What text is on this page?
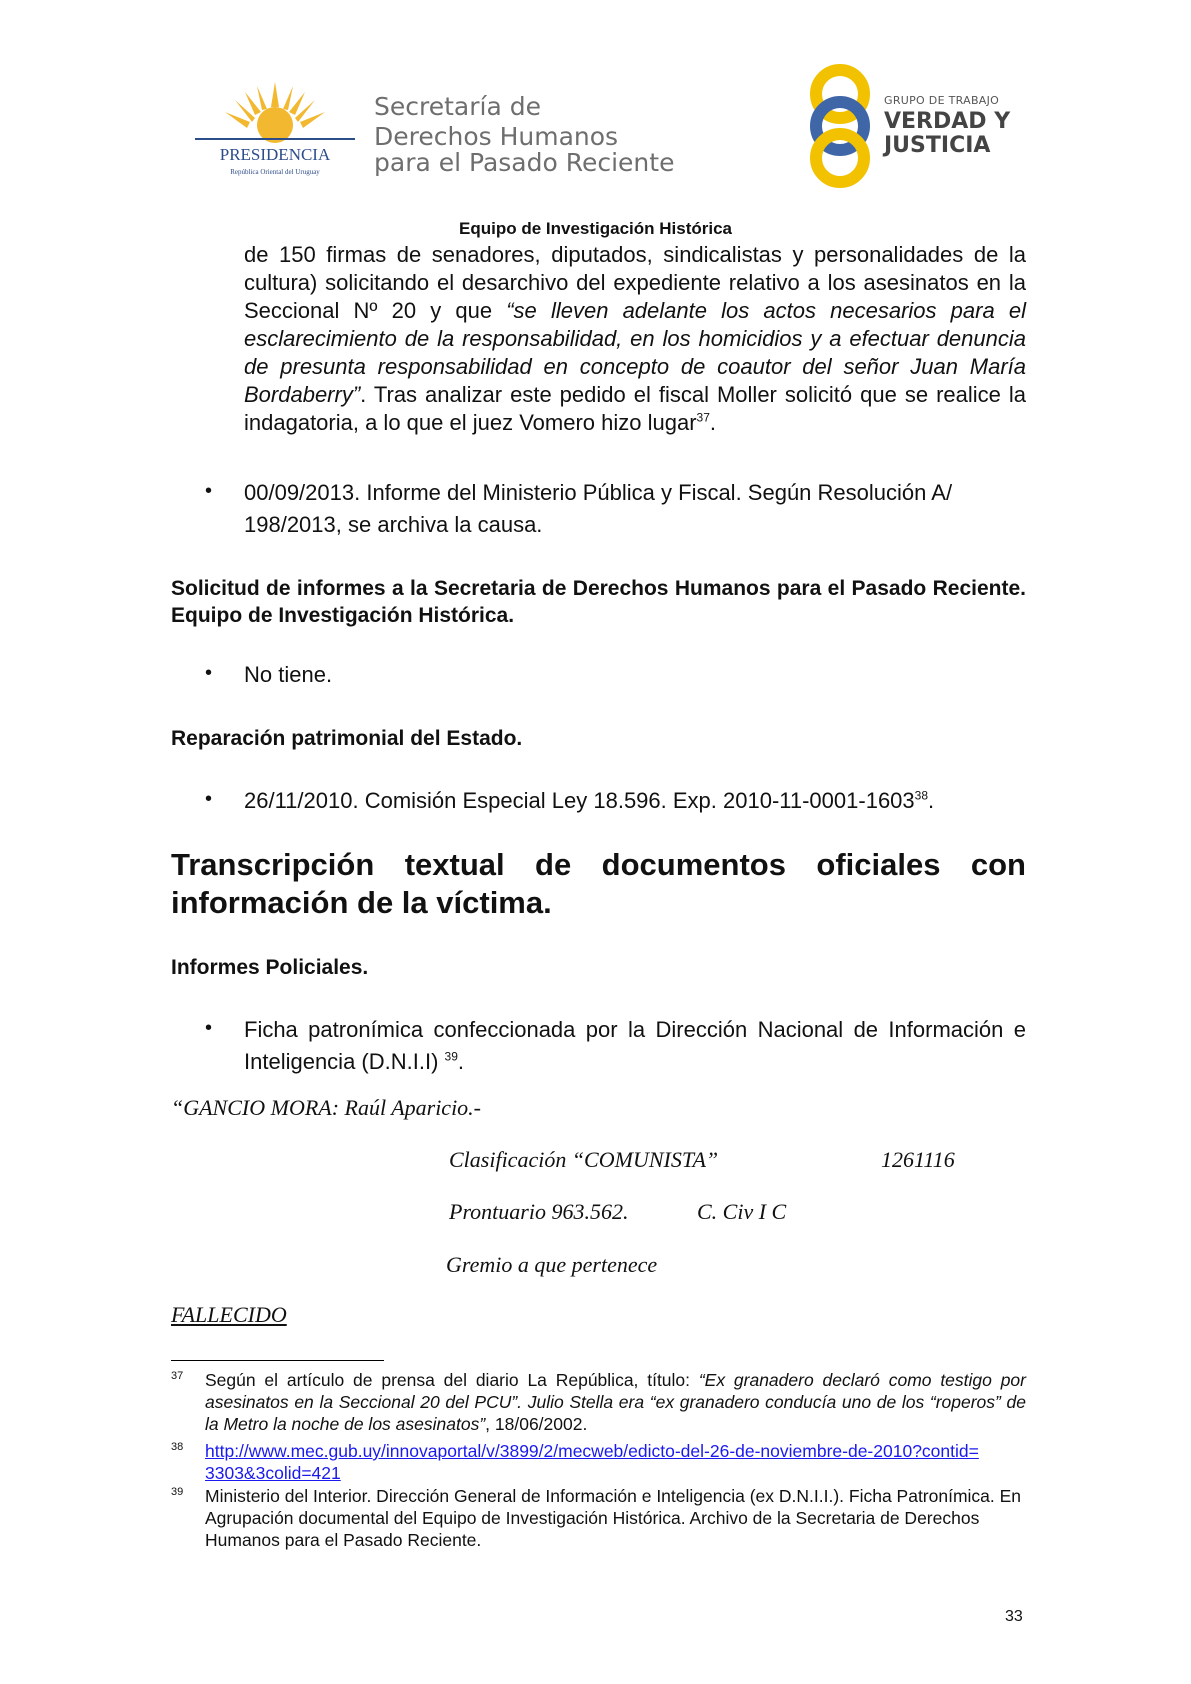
PRESIDENCIA
República Oriental del Uruguay
Secretaría de
Derechos Humanos
para el Pasado Reciente
GRUPO DE TRABAJO
VERDAD Y
JUSTICIA
Equipo de Investigación Histórica
de 150 firmas de senadores, diputados, sindicalistas y personalidades de la cultura) solicitando el desarchivo del expediente relativo a los asesinatos en la Seccional Nº 20 y que “se lleven adelante los actos necesarios para el esclarecimiento de la responsabilidad, en los homicidios y a efectuar denuncia de presunta responsabilidad en concepto de coautor del señor Juan María Bordaberry”. Tras analizar este pedido el fiscal Moller solicitó que se realice la indagatoria, a lo que el juez Vomero hizo lugar$^{37}$.
• 00/09/2013. Informe del Ministerio Pública y Fiscal. Según Resolución A/ 198/2013, se archiva la causa.
Solicitud de informes a la Secretaria de Derechos Humanos para el Pasado Reciente. Equipo de Investigación Histórica.
• No tiene.
Reparación patrimonial del Estado.
• 26/11/2010. Comisión Especial Ley 18.596. Exp. 2010-11-0001-1603$^{38}$.
Transcripción textual de documentos oficiales con información de la víctima.
Informes Policiales.
• Ficha patronímica confeccionada por la Dirección Nacional de Información e Inteligencia (D.N.I.I) $^{39}$.
“GANCIO MORA: Raúl Aparicio.-
Clasificación “COMUNISTA”	1261116
Prontuario 963.562.	C. Civ I C
Gremio a que pertenece
FALLECIDO
37 Según el artículo de prensa del diario La República, título: “Ex granadero declaró como testigo por asesinatos en la Seccional 20 del PCU”. Julio Stella era “ex granadero conducía uno de los “roperos” de la Metro la noche de los asesinatos”, 18/06/2002.
38 http://www.mec.gub.uy/innovaportal/v/3899/2/mecweb/edicto-del-26-de-noviembre-de-2010?contid=3303&3colid=421
39 Ministerio del Interior. Dirección General de Información e Inteligencia (ex D.N.I.I.). Ficha Patronímica. En Agrupación documental del Equipo de Investigación Histórica. Archivo de la Secretaria de Derechos Humanos para el Pasado Reciente.
33
